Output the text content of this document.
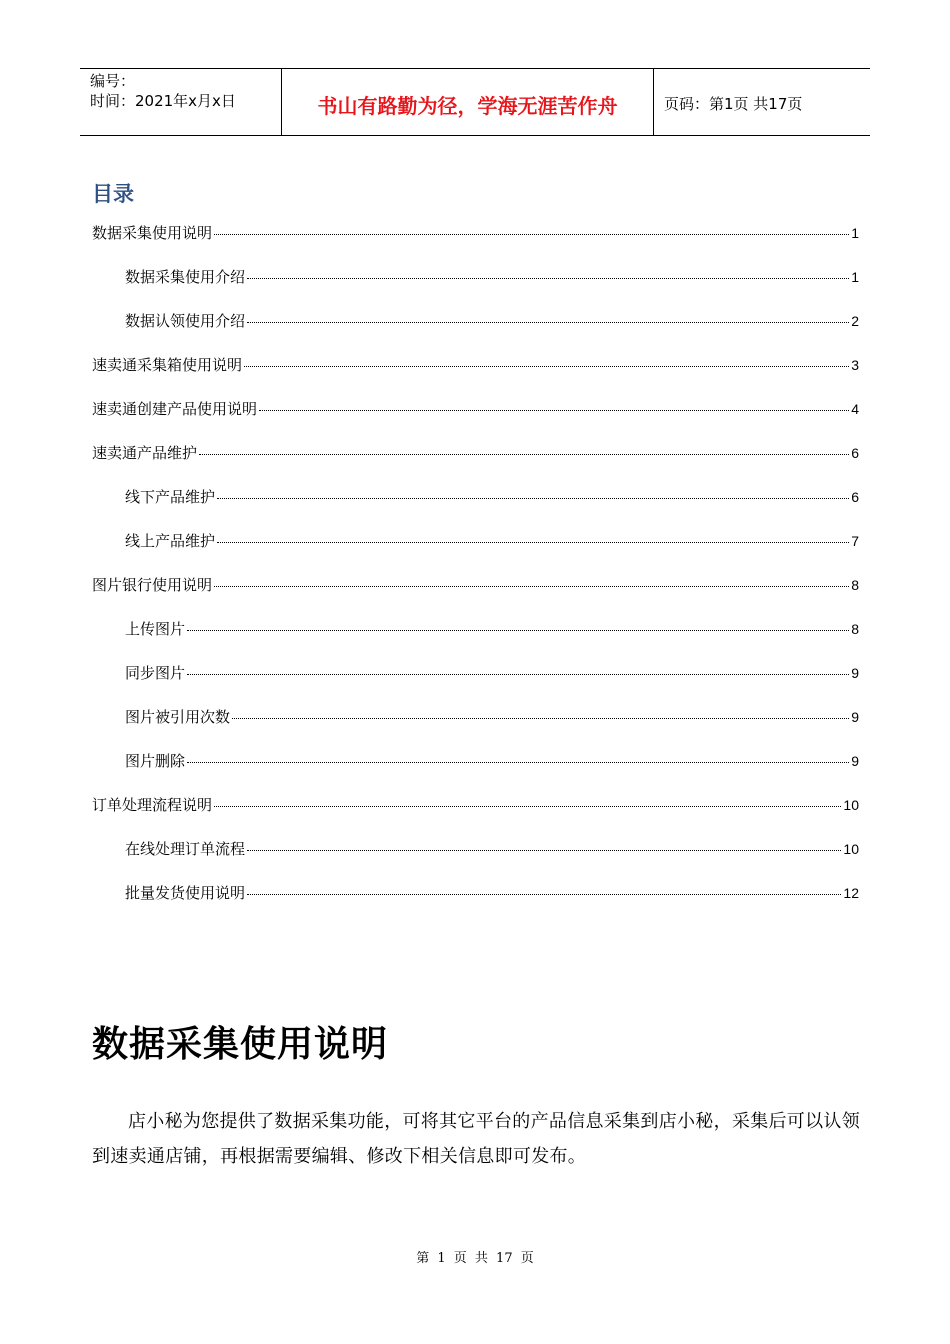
编号：
时间：2021年x月x日	书山有路勤为径，学海无涯苦作舟	页码：第1页 共17页
目录
数据采集使用说明	1
数据采集使用介绍	1
数据认领使用介绍	2
速卖通采集箱使用说明	3
速卖通创建产品使用说明	4
速卖通产品维护	6
线下产品维护	6
线上产品维护	7
图片银行使用说明	8
上传图片	8
同步图片	9
图片被引用次数	9
图片删除	9
订单处理流程说明	10
在线处理订单流程	10
批量发货使用说明	12
数据采集使用说明
店小秘为您提供了数据采集功能，可将其它平台的产品信息采集到店小秘，采集后可以认领到速卖通店铺，再根据需要编辑、修改下相关信息即可发布。
第 1 页 共 17 页
